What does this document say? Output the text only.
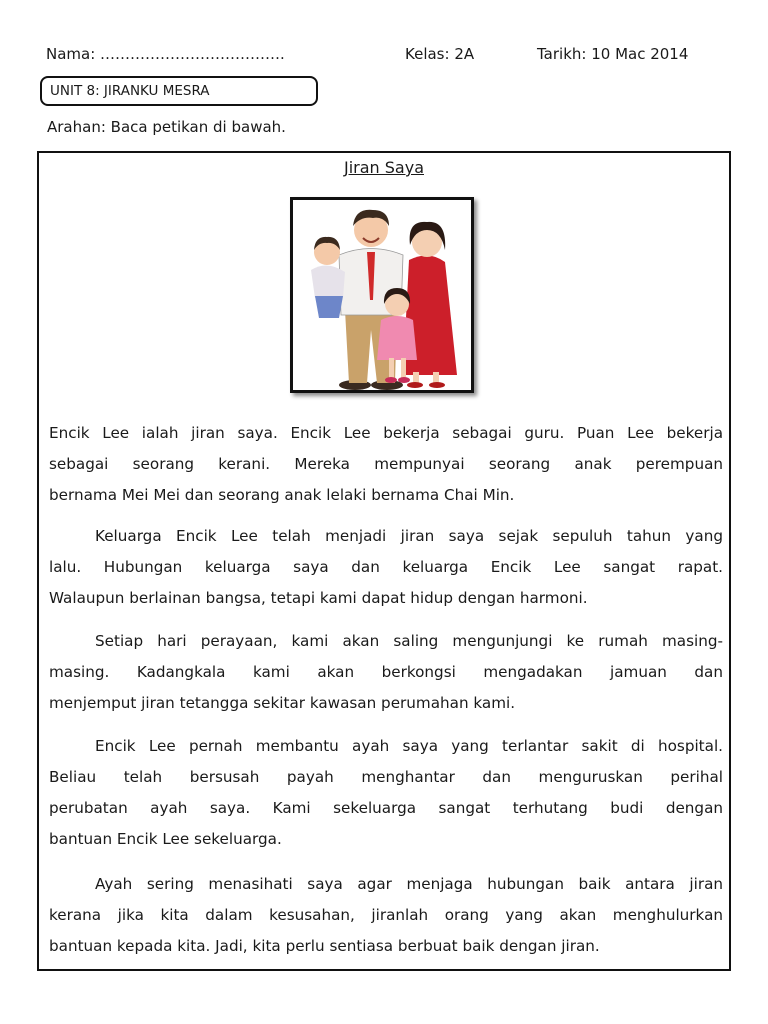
Nama: ……………………………….	Kelas: 2A	Tarikh: 10 Mac 2014
UNIT 8: JIRANKU MESRA
Arahan: Baca petikan di bawah.
Jiran Saya
Encik Lee ialah jiran saya. Encik Lee bekerja sebagai guru. Puan Lee bekerja
sebagai seorang kerani. Mereka mempunyai seorang anak perempuan
bernama Mei Mei dan seorang anak lelaki bernama Chai Min.
Keluarga Encik Lee telah menjadi jiran saya sejak sepuluh tahun yang
lalu. Hubungan keluarga saya dan keluarga Encik Lee sangat rapat.
Walaupun berlainan bangsa, tetapi kami dapat hidup dengan harmoni.
Setiap hari perayaan, kami akan saling mengunjungi ke rumah masing-
masing. Kadangkala kami akan berkongsi mengadakan jamuan dan
menjemput jiran tetangga sekitar kawasan perumahan kami.
Encik Lee pernah membantu ayah saya yang terlantar sakit di hospital.
Beliau telah bersusah payah menghantar dan menguruskan perihal
perubatan ayah saya. Kami sekeluarga sangat terhutang budi dengan
bantuan Encik Lee sekeluarga.
Ayah sering menasihati saya agar menjaga hubungan baik antara jiran
kerana jika kita dalam kesusahan, jiranlah orang yang akan menghulurkan
bantuan kepada kita. Jadi, kita perlu sentiasa berbuat baik dengan jiran.
